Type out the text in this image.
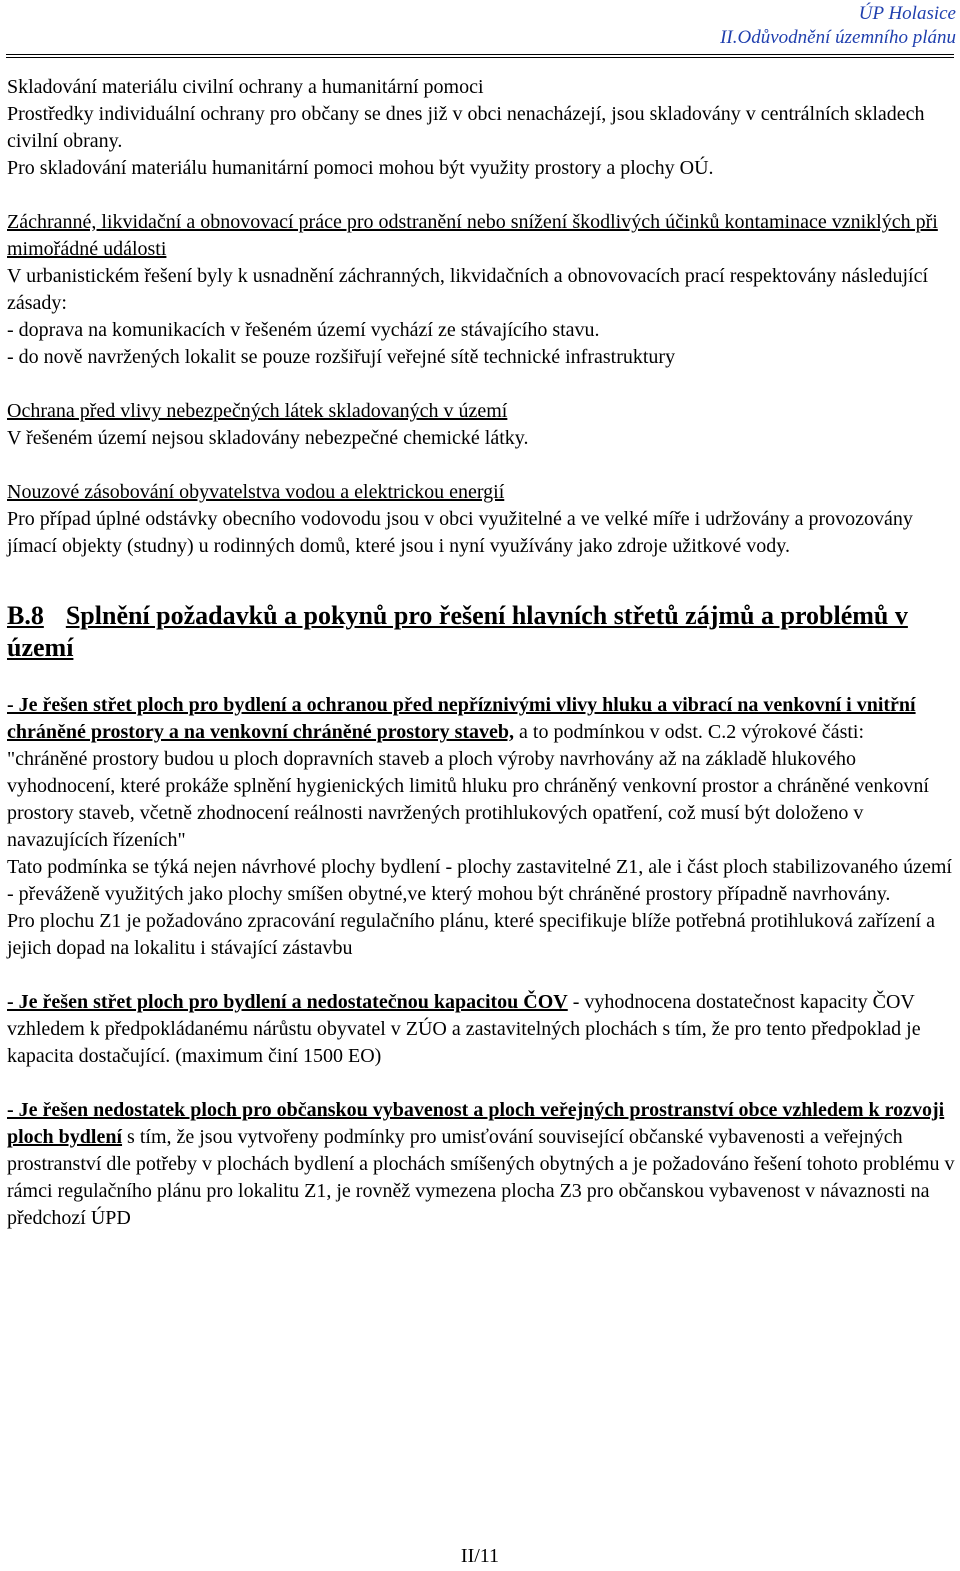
ÚP Holasice
II.Odůvodnění územního plánu

Skladování materiálu civilní ochrany a humanitární pomoci

Prostředky individuální ochrany pro občany se dnes již v obci nenacházejí, jsou skladovány v centrálních skladech civilní obrany.

Pro skladování materiálu humanitární pomoci mohou být využity prostory a plochy OÚ.

Záchranné, likvidační a obnovovací práce pro odstranění nebo snížení škodlivých účinků kontaminace vzniklých při mimořádné události

V urbanistickém řešení byly k usnadnění záchranných, likvidačních a obnovovacích prací respektovány následující zásady:

- doprava na komunikacích v řešeném území vychází ze stávajícího stavu.

- do nově navržených lokalit se pouze rozšiřují veřejné sítě technické infrastruktury

Ochrana před vlivy nebezpečných látek skladovaných v území

V řešeném území nejsou skladovány nebezpečné chemické látky.

Nouzové zásobování obyvatelstva vodou a elektrickou energií

Pro případ úplné odstávky obecního vodovodu jsou v obci využitelné a ve velké míře i udržovány a provozovány jímací objekty (studny) u rodinných domů, které jsou i nyní využívány jako zdroje užitkové vody.

B.8 Splnění požadavků a pokynů pro řešení hlavních střetů zájmů a problémů v území

- Je řešen střet ploch pro bydlení a ochranou před nepříznivými vlivy hluku a vibrací na venkovní i vnitřní chráněné prostory a na venkovní chráněné prostory staveb, a to podmínkou v odst. C.2 výrokové části:

"chráněné prostory budou u ploch dopravních staveb a ploch výroby navrhovány až na základě hlukového vyhodnocení, které prokáže splnění hygienických limitů hluku pro chráněný venkovní prostor a chráněné venkovní prostory staveb, včetně zhodnocení reálnosti navržených protihlukových opatření, což musí být doloženo v navazujících řízeních"

Tato podmínka se týká nejen návrhové plochy bydlení - plochy zastavitelné Z1, ale i část ploch stabilizovaného území - převáženě využitých jako plochy smíšen obytné,ve který mohou být chráněné prostory případně navrhovány.

Pro plochu Z1 je požadováno zpracování regulačního plánu, které specifikuje blíže potřebná protihluková zařízení a jejich dopad na lokalitu i stávající zástavbu

- Je řešen střet ploch pro bydlení a nedostatečnou kapacitou ČOV - vyhodnocena dostatečnost kapacity ČOV vzhledem k předpokládanému nárůstu obyvatel v ZÚO a zastavitelných plochách s tím, že pro tento předpoklad je kapacita dostačující. (maximum činí 1500 EO)

- Je řešen nedostatek ploch pro občanskou vybavenost a ploch veřejných prostranství obce vzhledem k rozvoji ploch bydlení s tím, že jsou vytvořeny podmínky pro umisťování související občanské vybavenosti a veřejných prostranství dle potřeby v plochách bydlení a plochách smíšených obytných a je požadováno řešení tohoto problému v rámci regulačního plánu pro lokalitu Z1, je rovněž vymezena plocha Z3 pro občanskou vybavenost v návaznosti na předchozí ÚPD

II/11
